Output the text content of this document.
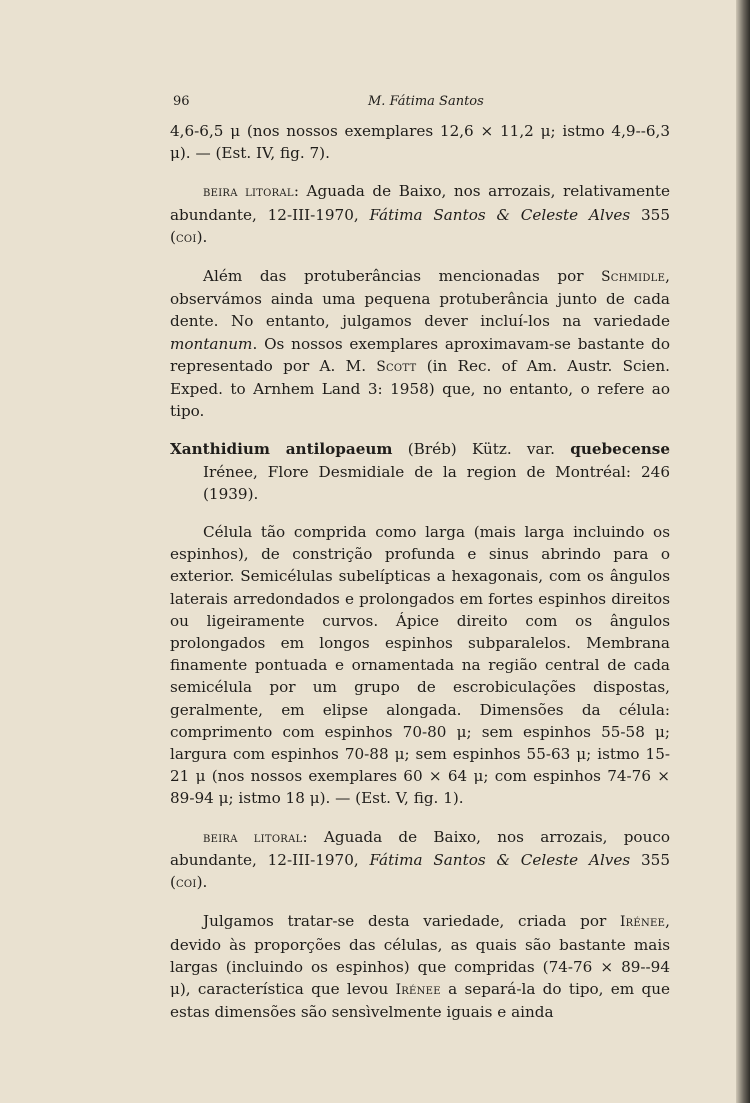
96	M. Fátima Santos

4,6-6,5 μ (nos nossos exemplares 12,6 × 11,2 μ; istmo 4,9--6,3 μ). — (Est. IV, fig. 7).

beira litoral: Aguada de Baixo, nos arrozais, relativamente abundante, 12-III-1970, Fátima Santos & Celeste Alves 355 (coi).

Além das protuberâncias mencionadas por Schmidle, observámos ainda uma pequena protuberância junto de cada dente. No entanto, julgamos dever incluí-los na variedade montanum. Os nossos exemplares aproximavam-se bastante do representado por A. M. Scott (in Rec. of Am. Austr. Scien. Exped. to Arnhem Land 3: 1958) que, no entanto, o refere ao tipo.

Xanthidium antilopaeum (Bréb) Kütz. var. quebecense Irénee, Flore Desmidiale de la region de Montréal: 246 (1939).

Célula tão comprida como larga (mais larga incluindo os espinhos), de constrição profunda e sinus abrindo para o exterior. Semicélulas subelípticas a hexagonais, com os ângulos laterais arredondados e prolongados em fortes espinhos direitos ou ligeiramente curvos. Ápice direito com os ângulos prolongados em longos espinhos subparalelos. Membrana finamente pontuada e ornamentada na região central de cada semicélula por um grupo de escrobiculações dispostas, geralmente, em elipse alongada. Dimensões da célula: comprimento com espinhos 70-80 μ; sem espinhos 55-58 μ; largura com espinhos 70-88 μ; sem espinhos 55-63 μ; istmo 15-21 μ (nos nossos exemplares 60 × 64 μ; com espinhos 74-76 × 89-94 μ; istmo 18 μ). — (Est. V, fig. 1).

beira litoral: Aguada de Baixo, nos arrozais, pouco abundante, 12-III-1970, Fátima Santos & Celeste Alves 355 (coi).

Julgamos tratar-se desta variedade, criada por Irénee, devido às proporções das células, as quais são bastante mais largas (incluindo os espinhos) que compridas (74-76 × 89--94 μ), característica que levou Irénee a separá-la do tipo, em que estas dimensões são sensìvelmente iguais e ainda
